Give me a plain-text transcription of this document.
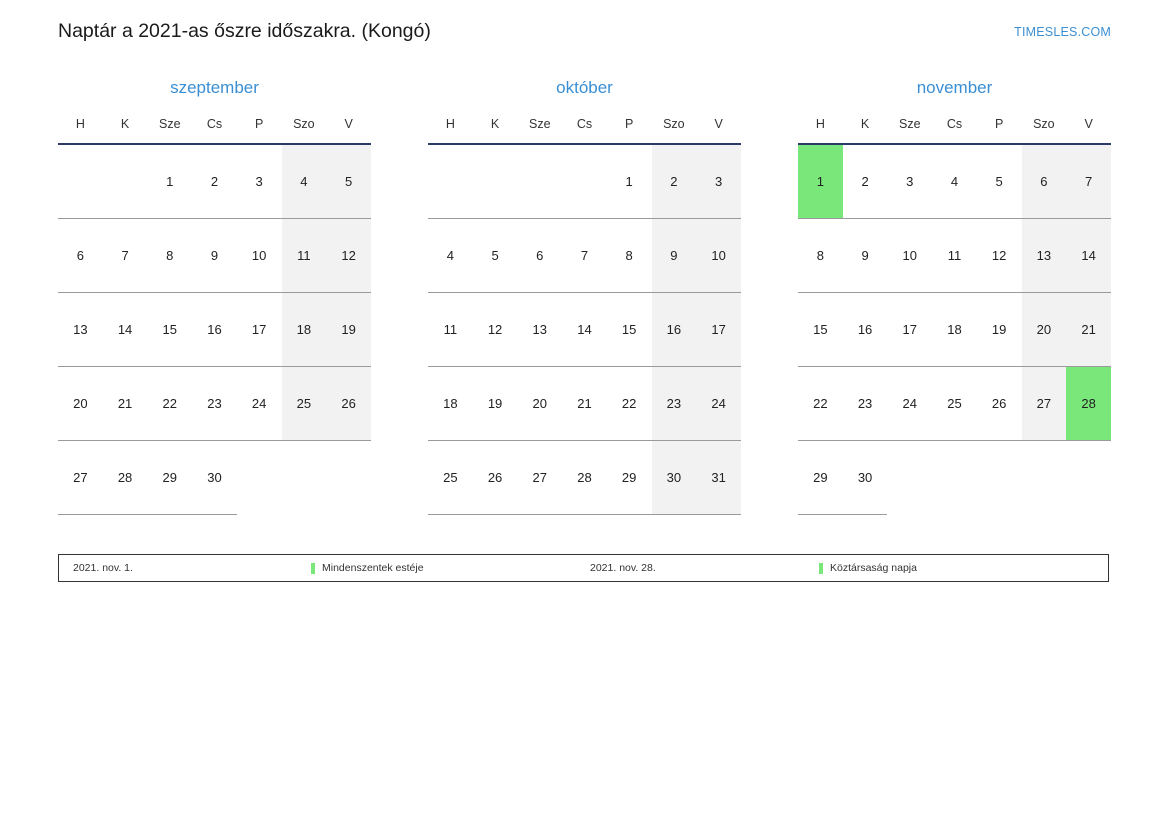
Naptár a 2021-as őszre időszakra. (Kongó)	TIMESLES.COM
szeptember
H	K	Sze	Cs	P	Szo	V

		1	2	3	4	5

6	7	8	9	10	11	12

13	14	15	16	17	18	19

20	21	22	23	24	25	26

27	28	29	30			

október
H	K	Sze	Cs	P	Szo	V

				1	2	3

4	5	6	7	8	9	10

11	12	13	14	15	16	17

18	19	20	21	22	23	24

25	26	27	28	29	30	31
november
H	K	Sze	Cs	P	Szo	V

1	2	3	4	5	6	7

8	9	10	11	12	13	14

15	16	17	18	19	20	21

22	23	24	25	26	27	28

29	30					

2021. nov. 1.	Mindenszentek estéje	2021. nov. 28.	Köztársaság napja
